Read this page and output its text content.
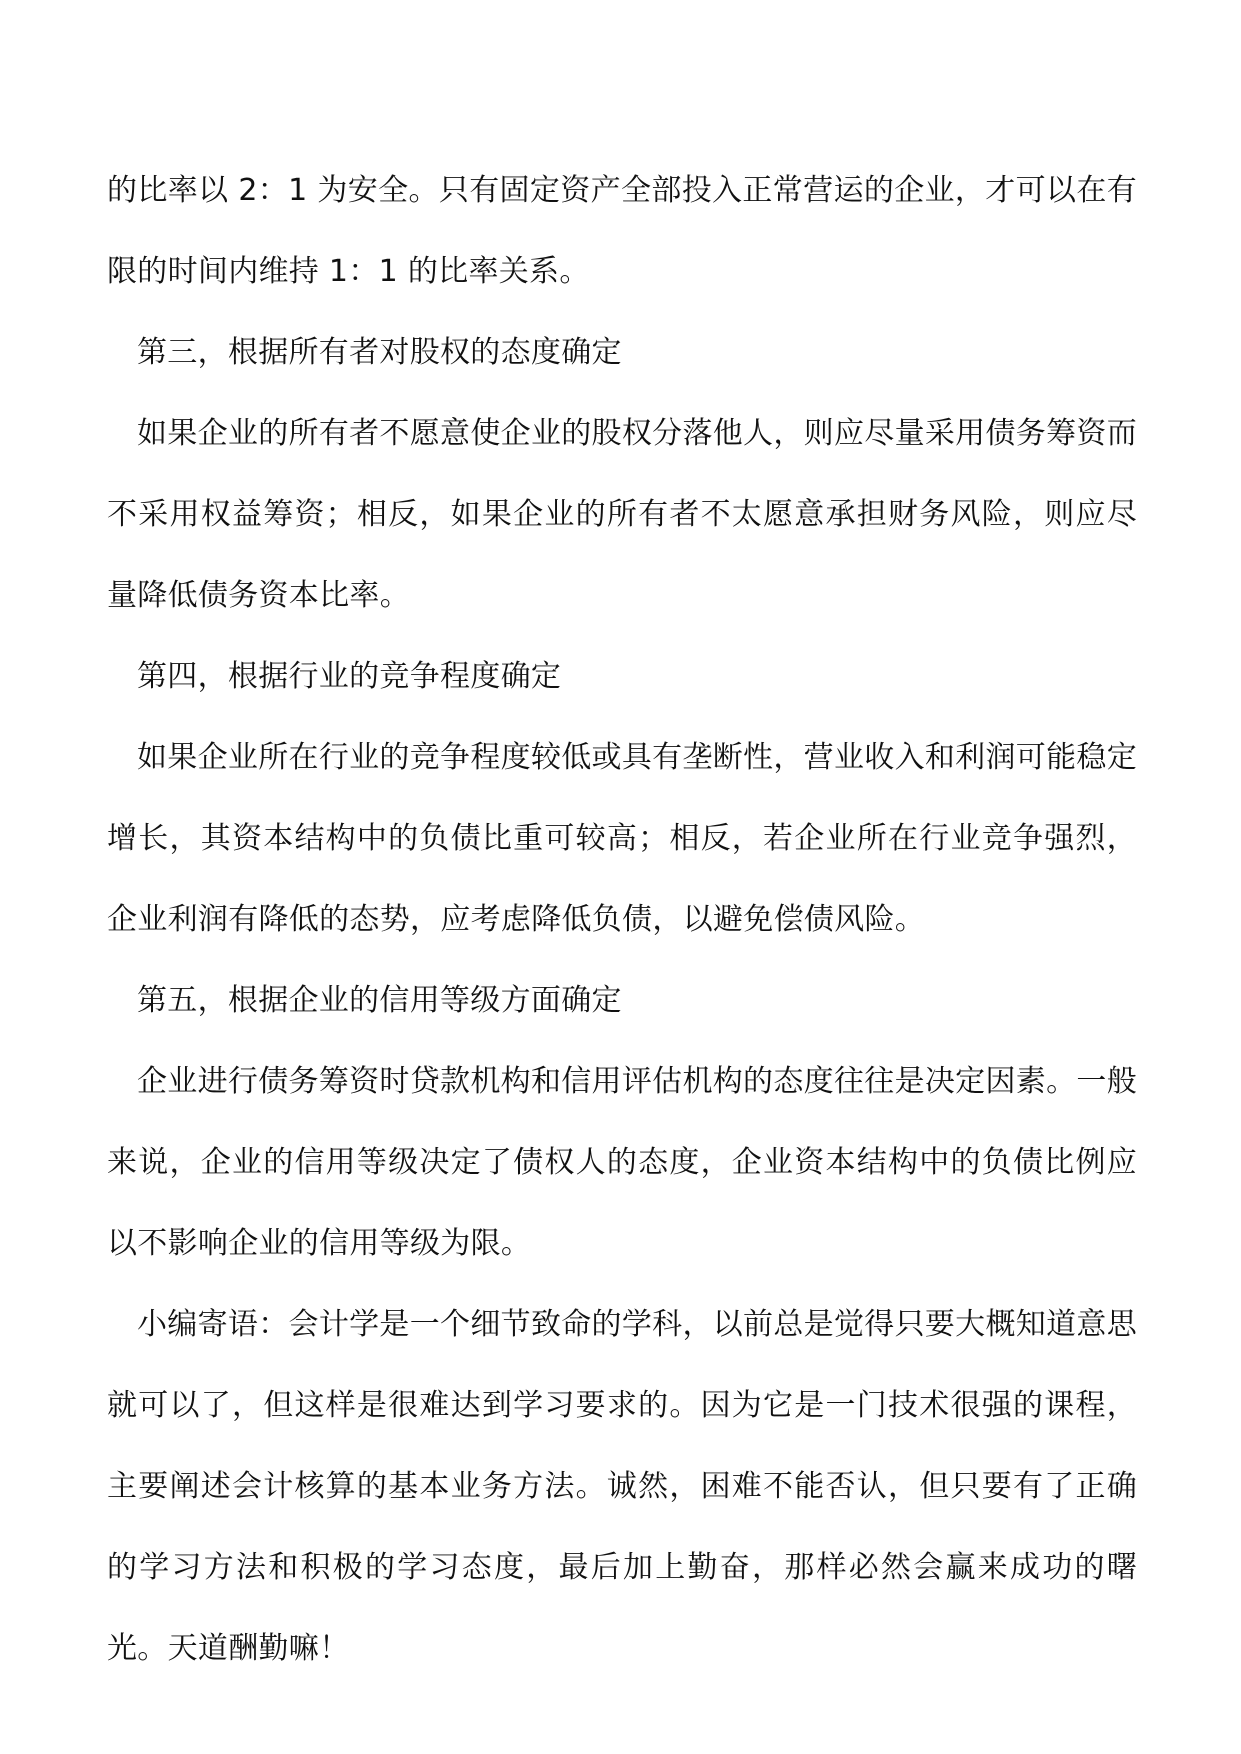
的比率以 2：1 为安全。只有固定资产全部投入正常营运的企业，才可以在有限的时间内维持 1：1 的比率关系。

第三，根据所有者对股权的态度确定

如果企业的所有者不愿意使企业的股权分落他人，则应尽量采用债务筹资而不采用权益筹资；相反，如果企业的所有者不太愿意承担财务风险，则应尽量降低债务资本比率。

第四，根据行业的竞争程度确定

如果企业所在行业的竞争程度较低或具有垄断性，营业收入和利润可能稳定增长，其资本结构中的负债比重可较高；相反，若企业所在行业竞争强烈，企业利润有降低的态势，应考虑降低负债，以避免偿债风险。

第五，根据企业的信用等级方面确定

企业进行债务筹资时贷款机构和信用评估机构的态度往往是决定因素。一般来说，企业的信用等级决定了债权人的态度，企业资本结构中的负债比例应以不影响企业的信用等级为限。

小编寄语：会计学是一个细节致命的学科，以前总是觉得只要大概知道意思就可以了，但这样是很难达到学习要求的。因为它是一门技术很强的课程，主要阐述会计核算的基本业务方法。诚然，困难不能否认，但只要有了正确的学习方法和积极的学习态度，最后加上勤奋，那样必然会赢来成功的曙光。天道酬勤嘛！
